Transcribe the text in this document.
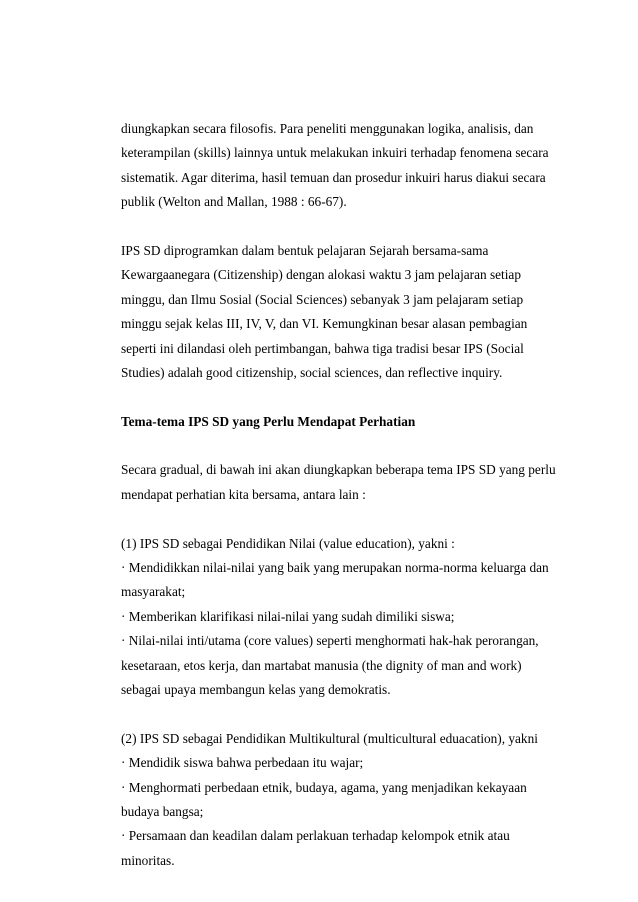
diungkapkan secara filosofis. Para peneliti menggunakan logika, analisis, dan
keterampilan (skills) lainnya untuk melakukan inkuiri terhadap fenomena secara
sistematik. Agar diterima, hasil temuan dan prosedur inkuiri harus diakui secara
publik (Welton and Mallan, 1988 : 66-67).
IPS SD diprogramkan dalam bentuk pelajaran Sejarah bersama-sama
Kewargaanegara (Citizenship) dengan alokasi waktu 3 jam pelajaran setiap
minggu, dan Ilmu Sosial (Social Sciences) sebanyak 3 jam pelajaram setiap
minggu sejak kelas III, IV, V, dan VI. Kemungkinan besar alasan pembagian
seperti ini dilandasi oleh pertimbangan, bahwa tiga tradisi besar IPS (Social
Studies) adalah good citizenship, social sciences, dan reflective inquiry.
Tema-tema IPS SD yang Perlu Mendapat Perhatian
Secara gradual, di bawah ini akan diungkapkan beberapa tema IPS SD yang perlu
mendapat perhatian kita bersama, antara lain :
(1) IPS SD sebagai Pendidikan Nilai (value education), yakni :
· Mendidikkan nilai-nilai yang baik yang merupakan norma-norma keluarga dan
masyarakat;
· Memberikan klarifikasi nilai-nilai yang sudah dimiliki siswa;
· Nilai-nilai inti/utama (core values) seperti menghormati hak-hak perorangan,
kesetaraan, etos kerja, dan martabat manusia (the dignity of man and work)
sebagai upaya membangun kelas yang demokratis.
(2) IPS SD sebagai Pendidikan Multikultural (multicultural eduacation), yakni
· Mendidik siswa bahwa perbedaan itu wajar;
· Menghormati perbedaan etnik, budaya, agama, yang menjadikan kekayaan
budaya bangsa;
· Persamaan dan keadilan dalam perlakuan terhadap kelompok etnik atau
minoritas.
